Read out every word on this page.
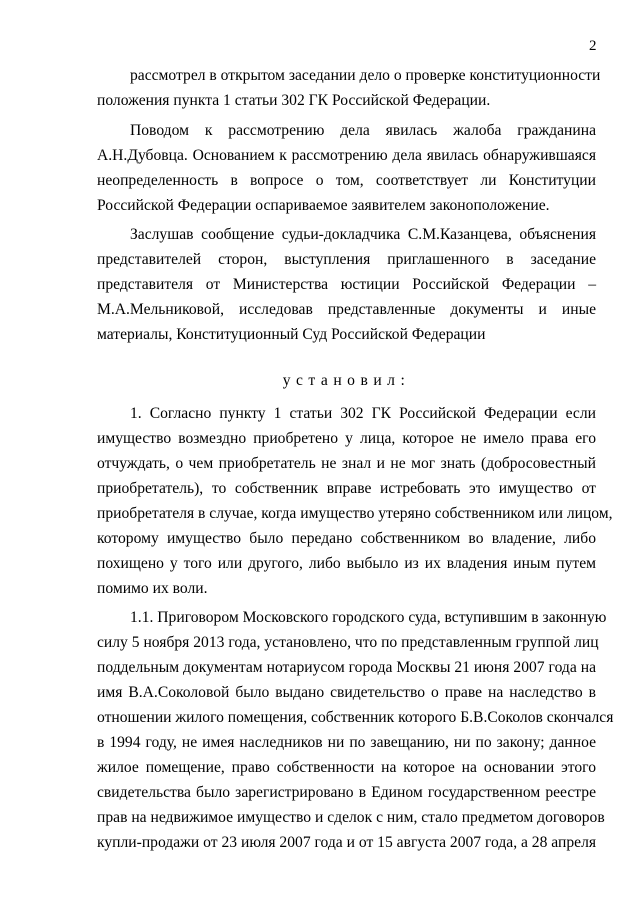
2
рассмотрел в открытом заседании дело о проверке конституционности
положения пункта 1 статьи 302 ГК Российской Федерации.
Поводом к рассмотрению дела явилась жалоба гражданина
А.Н.Дубовца. Основанием к рассмотрению дела явилась обнаружившаяся
неопределенность в вопросе о том, соответствует ли Конституции
Российской Федерации оспариваемое заявителем законоположение.
Заслушав сообщение судьи-докладчика С.М.Казанцева, объяснения
представителей сторон, выступления приглашенного в заседание
представителя от Министерства юстиции Российской Федерации –
М.А.Мельниковой, исследовав представленные документы и иные
материалы, Конституционный Суд Российской Федерации
установил:
1. Согласно пункту 1 статьи 302 ГК Российской Федерации если
имущество возмездно приобретено у лица, которое не имело права его
отчуждать, о чем приобретатель не знал и не мог знать (добросовестный
приобретатель), то собственник вправе истребовать это имущество от
приобретателя в случае, когда имущество утеряно собственником или лицом,
которому имущество было передано собственником во владение, либо
похищено у того или другого, либо выбыло из их владения иным путем
помимо их воли.
1.1. Приговором Московского городского суда, вступившим в законную
силу 5 ноября 2013 года, установлено, что по представленным группой лиц
поддельным документам нотариусом города Москвы 21 июня 2007 года на
имя В.А.Соколовой было выдано свидетельство о праве на наследство в
отношении жилого помещения, собственник которого Б.В.Соколов скончался
в 1994 году, не имея наследников ни по завещанию, ни по закону; данное
жилое помещение, право собственности на которое на основании этого
свидетельства было зарегистрировано в Едином государственном реестре
прав на недвижимое имущество и сделок с ним, стало предметом договоров
купли-продажи от 23 июля 2007 года и от 15 августа 2007 года, а 28 апреля
